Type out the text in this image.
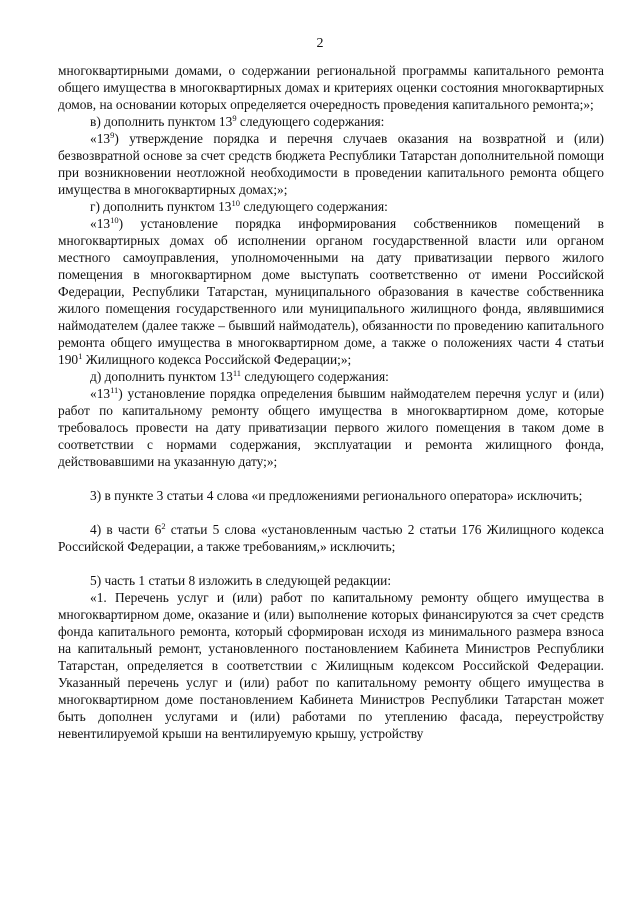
2

многоквартирными домами, о содержании региональной программы капитального ремонта общего имущества в многоквартирных домах и критериях оценки состояния многоквартирных домов, на основании которых определяется очередность проведения капитального ремонта;»;

в) дополнить пунктом $13^9$ следующего содержания:

«$13^9$) утверждение порядка и перечня случаев оказания на возвратной и (или) безвозвратной основе за счет средств бюджета Республики Татарстан дополнительной помощи при возникновении неотложной необходимости в проведении капитального ремонта общего имущества в многоквартирных домах;»;

г) дополнить пунктом $13^{10}$ следующего содержания:

«$13^{10}$) установление порядка информирования собственников помещений в многоквартирных домах об исполнении органом государственной власти или органом местного самоуправления, уполномоченными на дату приватизации первого жилого помещения в многоквартирном доме выступать соответственно от имени Российской Федерации, Республики Татарстан, муниципального образования в качестве собственника жилого помещения государственного или муниципального жилищного фонда, являвшимися наймодателем (далее также – бывший наймодатель), обязанности по проведению капитального ремонта общего имущества в многоквартирном доме, а также о положениях части 4 статьи $190^1$ Жилищного кодекса Российской Федерации;»;

д) дополнить пунктом $13^{11}$ следующего содержания:

«$13^{11}$) установление порядка определения бывшим наймодателем перечня услуг и (или) работ по капитальному ремонту общего имущества в многоквартирном доме, которые требовалось провести на дату приватизации первого жилого помещения в таком доме в соответствии с нормами содержания, эксплуатации и ремонта жилищного фонда, действовавшими на указанную дату;»;

3) в пункте 3 статьи 4 слова «и предложениями регионального оператора» исключить;

4) в части $6^2$ статьи 5 слова «установленным частью 2 статьи 176 Жилищного кодекса Российской Федерации, а также требованиям,» исключить;

5) часть 1 статьи 8 изложить в следующей редакции:

«1. Перечень услуг и (или) работ по капитальному ремонту общего имущества в многоквартирном доме, оказание и (или) выполнение которых финансируются за счет средств фонда капитального ремонта, который сформирован исходя из минимального размера взноса на капитальный ремонт, установленного постановлением Кабинета Министров Республики Татарстан, определяется в соответствии с Жилищным кодексом Российской Федерации. Указанный перечень услуг и (или) работ по капитальному ремонту общего имущества в многоквартирном доме постановлением Кабинета Министров Республики Татарстан может быть дополнен услугами и (или) работами по утеплению фасада, переустройству невентилируемой крыши на вентилируемую крышу, устройству
